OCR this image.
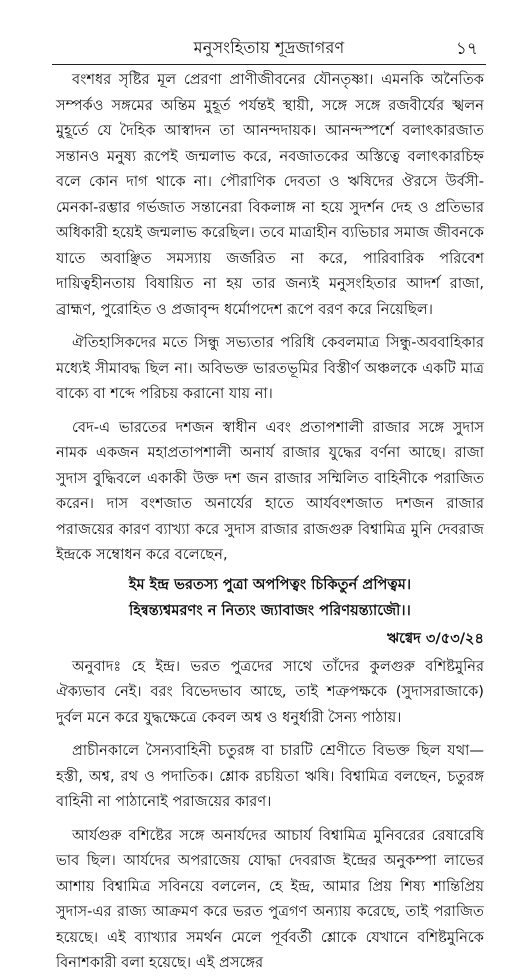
মনুসংহিতায় শূদ্রজাগরণ	১৭

বংশধর সৃষ্টির মূল প্রেরণা প্রাণীজীবনের যৌনতৃষ্ণা। এমনকি অনৈতিক সম্পর্কও সঙ্গমের অন্তিম মুহূর্ত পর্যন্তই স্থায়ী, সঙ্গে সঙ্গে রজবীর্যের স্খলন মুহূর্তে যে দৈহিক আস্বাদন তা আনন্দদায়ক। আনন্দস্পর্শে বলাৎকারজাত সন্তানও মনুষ্য রূপেই জন্মলাভ করে, নবজাতকের অস্তিত্বে বলাৎকারচিহ্ন বলে কোন দাগ থাকে না। পৌরাণিক দেবতা ও ঋষিদের ঔরসে উর্বসী-মেনকা-রম্ভার গর্ভজাত সন্তানেরা বিকলাঙ্গ না হয়ে সুদর্শন দেহ ও প্রতিভার অধিকারী হয়েই জন্মলাভ করেছিল। তবে মাত্রাহীন ব্যভিচার সমাজ জীবনকে যাতে অবাঞ্ছিত সমস্যায় জর্জরিত না করে, পারিবারিক পরিবেশ দায়িত্বহীনতায় বিষায়িত না হয় তার জন্যই মনুসংহিতার আদর্শ রাজা, ব্রাহ্মণ, পুরোহিত ও প্রজাবৃন্দ ধর্মোপদেশ রূপে বরণ করে নিয়েছিল।

ঐতিহাসিকদের মতে সিন্ধু সভ্যতার পরিধি কেবলমাত্র সিন্ধু-অববাহিকার মধ্যেই সীমাবদ্ধ ছিল না। অবিভক্ত ভারতভূমির বিস্তীর্ণ অঞ্চলকে একটি মাত্র বাক্যে বা শব্দে পরিচয় করানো যায় না।

বেদ-এ ভারতের দশজন স্বাধীন এবং প্রতাপশালী রাজার সঙ্গে সুদাস নামক একজন মহাপ্রতাপশালী অনার্য রাজার যুদ্ধের বর্ণনা আছে। রাজা সুদাস বুদ্ধিবলে একাকী উক্ত দশ জন রাজার সম্মিলিত বাহিনীকে পরাজিত করেন। দাস বংশজাত অনার্যের হাতে আর্যবংশজাত দশজন রাজার পরাজয়ের কারণ ব্যাখ্যা করে সুদাস রাজার রাজগুরু বিশ্বামিত্র মুনি দেবরাজ ইন্দ্রকে সম্বোধন করে বলেছেন,

ইম ইন্দ্র ভরতস্য পুত্রা অপপিত্বং চিকিতুর্ন প্রপিত্বম।
হিন্বন্ত্যশ্বমরণং ন নিত্যং জ্যাবাজং পরিণয়ন্ত্যাজৌ।।
ঋগ্বেদ ৩/৫৩/২৪

অনুবাদঃ হে ইন্দ্র। ভরত পুত্রদের সাথে তাঁদের কুলগুরু বশিষ্টমুনির ঐক্যভাব নেই। বরং বিভেদভাব আছে, তাই শত্রুপক্ষকে (সুদাসরাজাকে) দুর্বল মনে করে যুদ্ধক্ষেত্রে কেবল অশ্ব ও ধনুর্ধারী সৈন্য পাঠায়।

প্রাচীনকালে সৈন্যবাহিনী চতুরঙ্গ বা চারটি শ্রেণীতে বিভক্ত ছিল যথা—হস্তী, অশ্ব, রথ ও পদাতিক। শ্লোক রচয়িতা ঋষি। বিশ্বামিত্র বলছেন, চতুরঙ্গ বাহিনী না পাঠানোই পরাজয়ের কারণ।

আর্যগুরু বশিষ্টের সঙ্গে অনার্যদের আচার্য বিশ্বামিত্র মুনিবরের রেষারেষি ভাব ছিল। আর্যদের অপরাজেয় যোদ্ধা দেবরাজ ইন্দ্রের অনুকম্পা লাভের আশায় বিশ্বামিত্র সবিনয়ে বললেন, হে ইন্দ্র, আমার প্রিয় শিষ্য শান্তিপ্রিয় সুদাস-এর রাজ্য আক্রমণ করে ভরত পুত্রগণ অন্যায় করেছে, তাই পরাজিত হয়েছে। এই ব্যাখ্যার সমর্থন মেলে পূর্ববর্তী শ্লোকে যেখানে বশিষ্টমুনিকে বিনাশকারী বলা হয়েছে। এই প্রসঙ্গের
